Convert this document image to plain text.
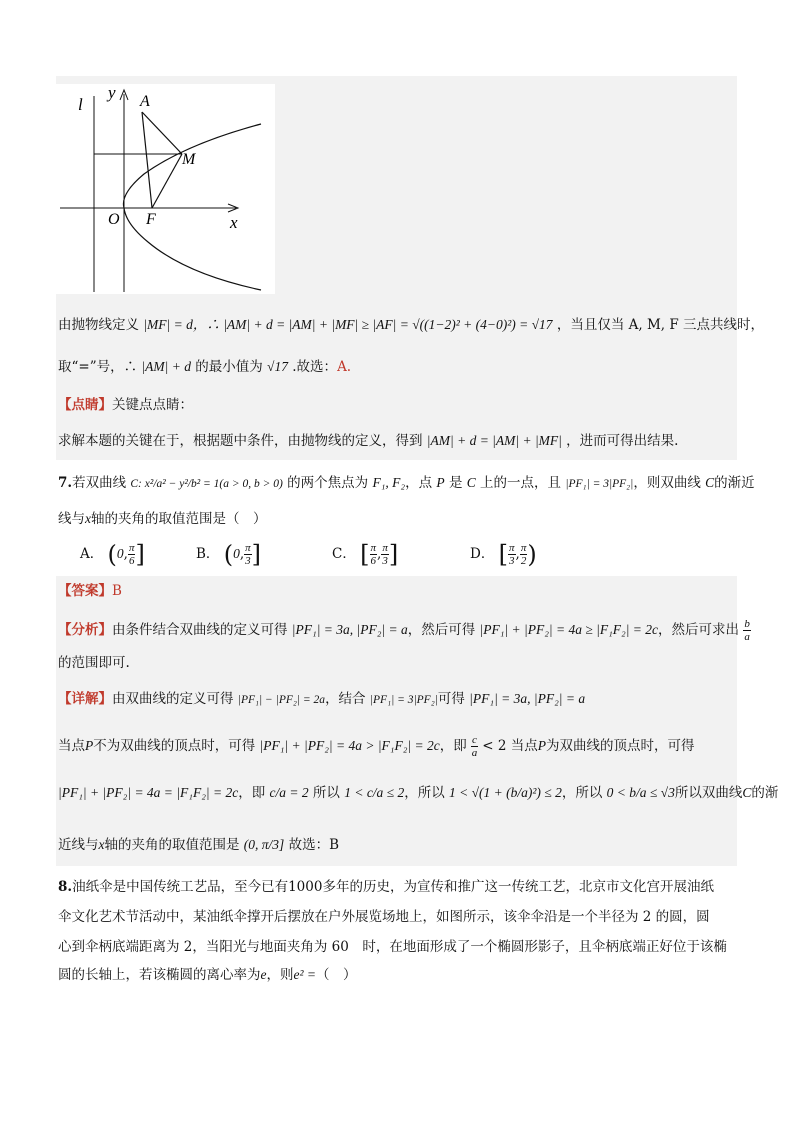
l
y A
M
O F	x
由抛物线定义 |MF| = d，∴ |AM| + d = |AM| + |MF| ≥ |AF| = √((1−2)² + (4−0)²) = √17 ，当且仅当 A, M, F 三点共线时，
取“=”号，∴ |AM| + d 的最小值为 √17 .故选：A.
【点睛】关键点点睛：
求解本题的关键在于，根据题中条件，由抛物线的定义，得到 |AM| + d = |AM| + |MF| ，进而可得出结果.
7.若双曲线 C: x²/a² − y²/b² = 1(a > 0, b > 0) 的两个焦点为 F₁, F₂，点 P 是 C 上的一点，且 |PF₁| = 3|PF₂|，则双曲线 C的渐近
线与x轴的夹角的取值范围是（　）
A． (0, $\frac{\pi}{6}$ ]	B． (0, $\frac{\pi}{3}$ ]	C． [ $\frac{\pi}{6}$ , $\frac{\pi}{3}$ ]	D． [ $\frac{\pi}{3}$ , $\frac{\pi}{2}$ )
【答案】B
【分析】由条件结合双曲线的定义可得 |PF₁| = 3a, |PF₂| = a，然后可得 |PF₁| + |PF₂| = 4a ≥ |F₁F₂| = 2c，然后可求出 $\frac{b}{a}$
的范围即可.
【详解】由双曲线的定义可得 |PF₁| − |PF₂| = 2a，结合 |PF₁| = 3|PF₂|可得 |PF₁| = 3a, |PF₂| = a
当点P不为双曲线的顶点时，可得 |PF₁| + |PF₂| = 4a > |F₁F₂| = 2c，即 $\frac{c}{a} < 2$ 当点P为双曲线的顶点时，可得
|PF₁| + |PF₂| = 4a = |F₁F₂| = 2c，即 c/a = 2 所以 1 < c/a ≤ 2，所以 1 < √(1 + (b/a)²) ≤ 2，所以 0 < b/a ≤ √3所以双曲线C的渐
近线与x轴的夹角的取值范围是 (0, π/3] 故选：B
8.油纸伞是中国传统工艺品，至今已有1000多年的历史，为宣传和推广这一传统工艺，北京市文化宫开展油纸
伞文化艺术节活动中，某油纸伞撑开后摆放在户外展览场地上，如图所示，该伞伞沿是一个半径为 2 的圆，圆
心到伞柄底端距离为 2，当阳光与地面夹角为 60　时，在地面形成了一个椭圆形影子，且伞柄底端正好位于该椭
圆的长轴上，若该椭圆的离心率为e，则e² =（　）
